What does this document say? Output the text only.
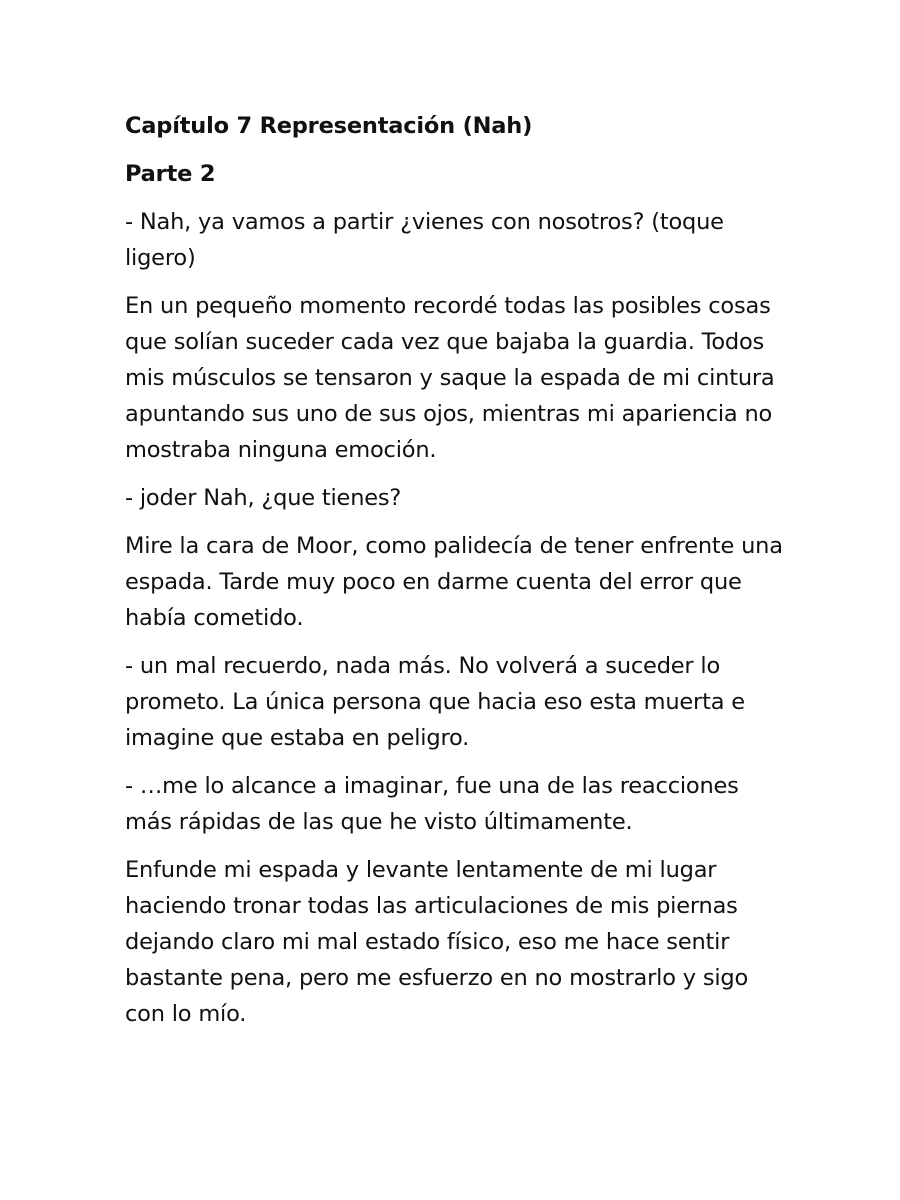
Capítulo 7 Representación (Nah)

Parte 2

- Nah, ya vamos a partir ¿vienes con nosotros? (toque ligero)

En un pequeño momento recordé todas las posibles cosas que solían suceder cada vez que bajaba la guardia. Todos mis músculos se tensaron y saque la espada de mi cintura apuntando sus uno de sus ojos, mientras mi apariencia no mostraba ninguna emoción.

- joder Nah, ¿que tienes?

Mire la cara de Moor, como palidecía de tener enfrente una espada. Tarde muy poco en darme cuenta del error que había cometido.

- un mal recuerdo, nada más. No volverá a suceder lo prometo. La única persona que hacia eso esta muerta e imagine que estaba en peligro.

- …me lo alcance a imaginar, fue una de las reacciones más rápidas de las que he visto últimamente.

Enfunde mi espada y levante lentamente de mi lugar haciendo tronar todas las articulaciones de mis piernas dejando claro mi mal estado físico, eso me hace sentir bastante pena, pero me esfuerzo en no mostrarlo y sigo con lo mío.
